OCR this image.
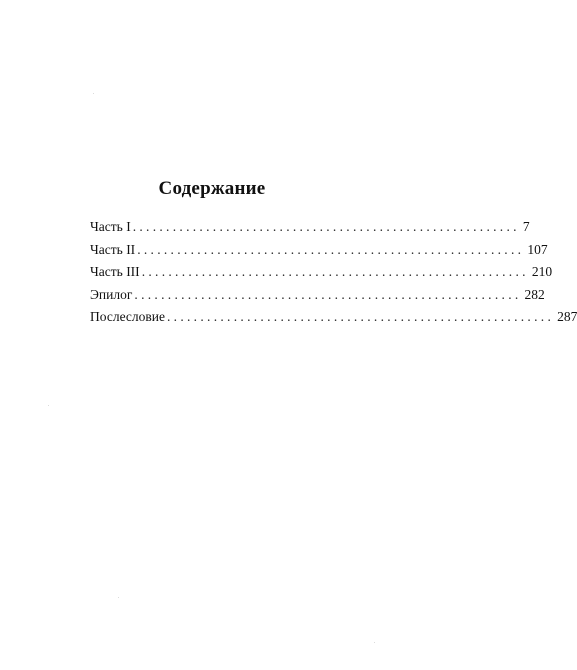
Содержание
Часть I .......................................................... 7
Часть II .......................................................... 107
Часть III .......................................................... 210
Эпилог .......................................................... 282
Послесловие .......................................................... 287
